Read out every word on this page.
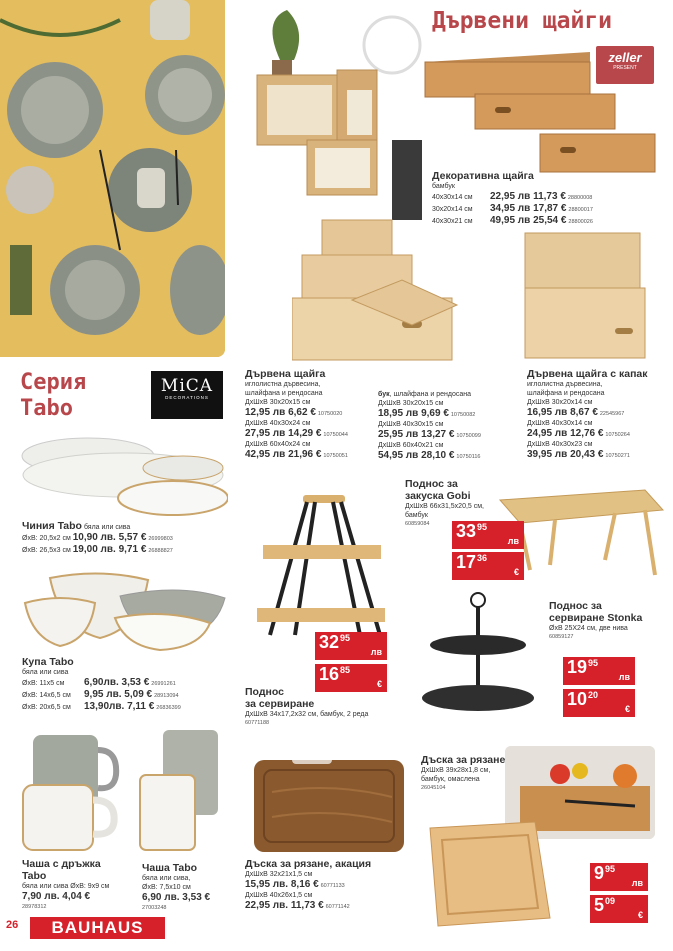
Серия
Tabo
MiCA
DECORATIONS
Чиния Tabo бяла или сива
ØхВ: 20,5х2 см 10,90 лв. 5,57 € 26999803
ØхВ: 26,5х3 см 19,00 лв. 9,71 € 26888827
Купа Tabo
бяла или сива
ØхВ: 11х5 см 6,90лв. 3,53 € 26991261
ØхВ: 14х6,5 см 9,95 лв. 5,09 € 28913094
ØхВ: 20х6,5 см 13,90лв. 7,11 € 26836399
Чаша с дръжка
Tabo
бяла или сива ØхВ: 9х9 см
7,90 лв. 4,04 €
28978312
Чаша Tabo
бяла или сива,
ØхВ: 7,5х10 см
6,90 лв. 3,53 €
27003248
26	BAUHAUS
Дървени щайги
zeller
PRESENT
Декоративна щайга
бамбук
40x30x14 см 22,95 лв 11,73 € 28800008
30x20x14 см 34,95 лв 17,87 € 28800017
40x30x21 см 49,95 лв 25,54 € 28800026
Дървена щайга
иглолистна дървесина,
шлайфана и рендосана
ДхШхВ 30х20х15 см
12,95 лв 6,62 € 10750020
ДхШхВ 40х30х24 см
27,95 лв 14,29 € 10750044
ДхШхВ 60х40х24 см
42,95 лв 21,96 € 10750051
бук, шлайфана и рендосана
ДхШхВ 30х20х15 см
18,95 лв 9,69 € 10750082
ДхШхВ 40х30х15 см
25,95 лв 13,27 € 10750099
ДхШхВ 60х40х21 см
54,95 лв 28,10 € 10750116
Дървена щайга с капак
иглолистна дървесина,
шлайфана и рендосана
ДхШхВ 30х20х14 см
16,95 лв 8,67 € 22545967
ДхШхВ 40х30х14 см
24,95 лв 12,76 € 10750264
ДхШхВ 40х30х23 см
39,95 лв 20,43 € 10750271
Поднос за
закуска Gobi
ДхШхВ 66х31,5х20,5 см,
бамбук
60859084	33 95
лв
17 36
€
32 95
лв
16 85
€
Поднос
за сервиране
ДхШхВ 34х17,2х32 см, бамбук, 2 реда
60771188
Поднос за
сервиране Stonka
ØхВ 25Х24 см, две нива
60859127
19 95
лв
10 20
€
Дъска за рязане, акация
ДхШхВ 32х21х1,5 см
15,95 лв. 8,16 € 60771133
ДхШхВ 40х26х1,5 см
22,95 лв. 11,73 € 60771142
Дъска за рязане
ДхШхВ 39х28х1,8 см,
бамбук, омаслена
26045104
9 95
лв
5 09
€
